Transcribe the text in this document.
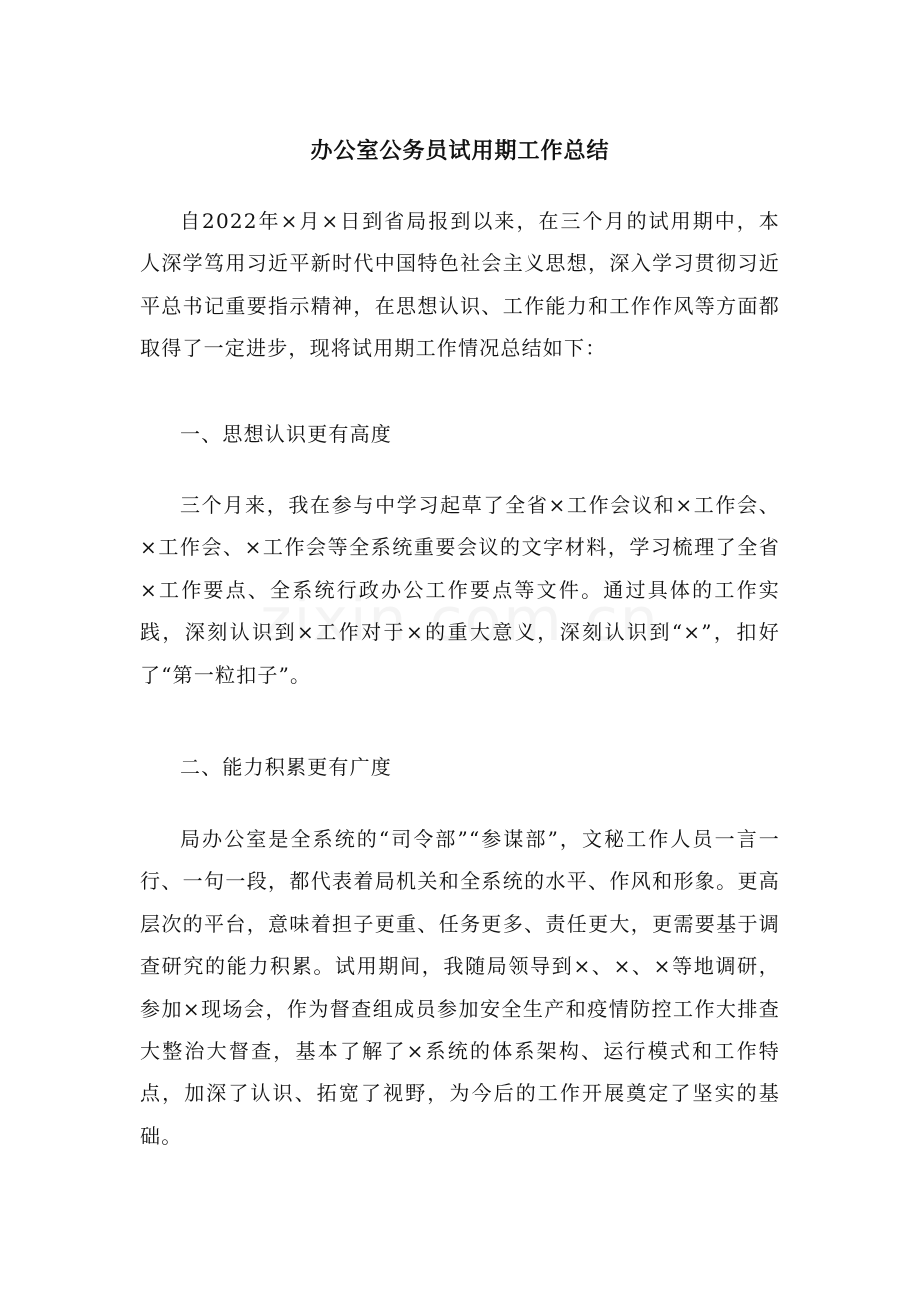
办公室公务员试用期工作总结

自2022年×月×日到省局报到以来，在三个月的试用期中，本人深学笃用习近平新时代中国特色社会主义思想，深入学习贯彻习近平总书记重要指示精神，在思想认识、工作能力和工作作风等方面都取得了一定进步，现将试用期工作情况总结如下：

一、思想认识更有高度

三个月来，我在参与中学习起草了全省×工作会议和×工作会、×工作会、×工作会等全系统重要会议的文字材料，学习梳理了全省×工作要点、全系统行政办公工作要点等文件。通过具体的工作实践，深刻认识到×工作对于×的重大意义，深刻认识到“×”，扣好了“第一粒扣子”。

二、能力积累更有广度

局办公室是全系统的“司令部”“参谋部”，文秘工作人员一言一行、一句一段，都代表着局机关和全系统的水平、作风和形象。更高层次的平台，意味着担子更重、任务更多、责任更大，更需要基于调查研究的能力积累。试用期间，我随局领导到×、×、×等地调研，参加×现场会，作为督查组成员参加安全生产和疫情防控工作大排查大整治大督查，基本了解了×系统的体系架构、运行模式和工作特点，加深了认识、拓宽了视野，为今后的工作开展奠定了坚实的基础。
